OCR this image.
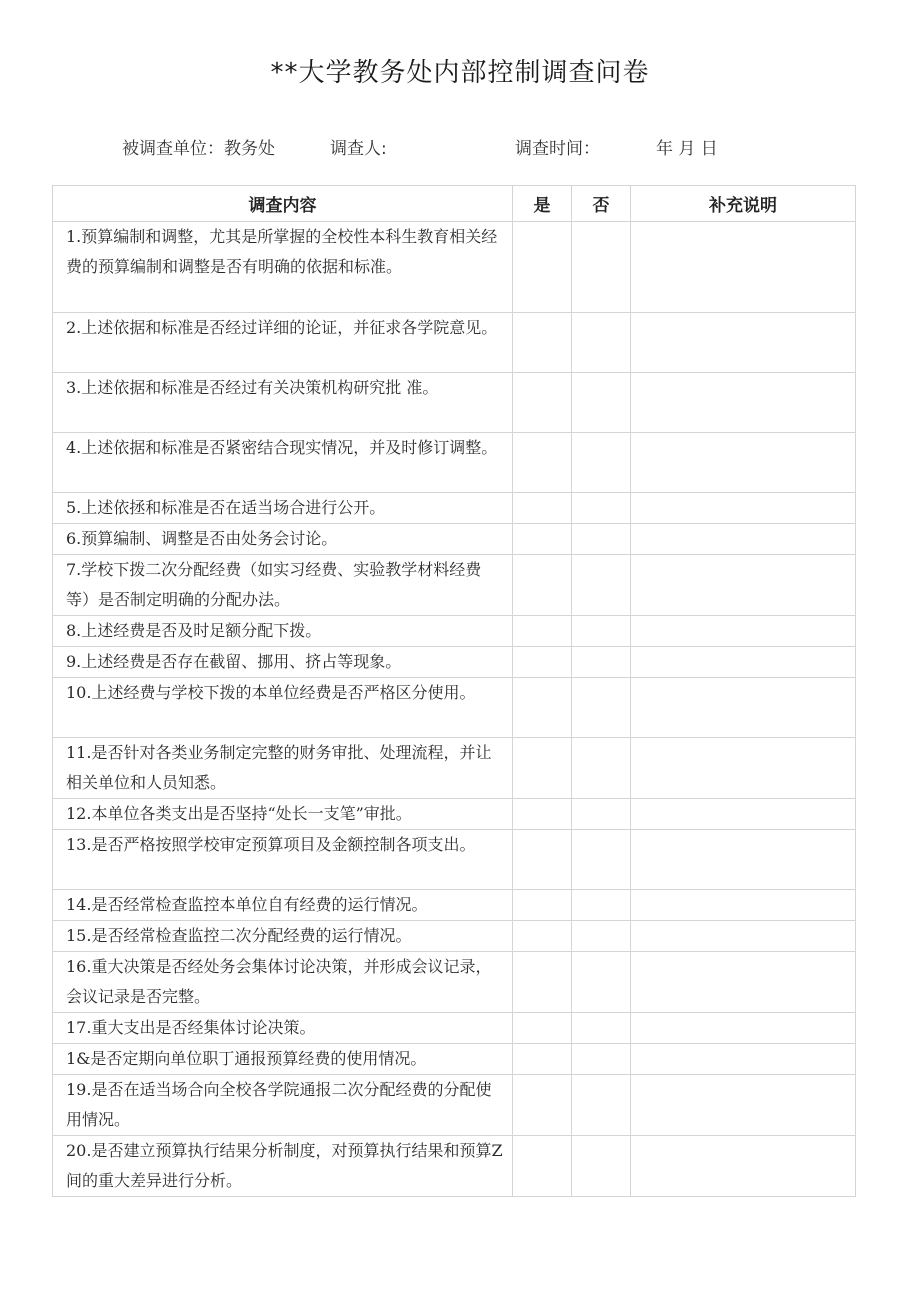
**大学教务处内部控制调查问卷
被调查单位：教务处	调查人:	调查时间：	年 月 日
调查内容	是	否	补充说明
1.预算编制和调整，尤其是所掌握的全校性本科生教育相关经费的预算编制和调整是否有明确的依据和标准。			
2.上述依据和标准是否经过详细的论证，并征求各学院意见。			
3.上述依据和标准是否经过有关决策机构研究批 准。			
4.上述依据和标准是否紧密结合现实情况，并及时修订调整。			
5.上述依拯和标准是否在适当场合进行公开。			
6.预算编制、调整是否由处务会讨论。			
7.学校下拨二次分配经费（如实习经费、实验教学材料经费等）是否制定明确的分配办法。			
8.上述经费是否及时足额分配下拨。			
9.上述经费是否存在截留、挪用、挤占等现象。			
10.上述经费与学校下拨的本单位经费是否严格区分使用。			
11.是否针对各类业务制定完整的财务审批、处理流程，并让相关单位和人员知悉。			
12.本单位各类支出是否坚持“处长一支笔”审批。			
13.是否严格按照学校审定预算项目及金额控制各项支出。			
14.是否经常检查监控本单位自有经费的运行情况。			
15.是否经常检查监控二次分配经费的运行情况。			
16.重大决策是否经处务会集体讨论决策，并形成会议记录，会议记录是否完整。			
17.重大支出是否经集体讨论决策。			
1&是否定期向单位职丁通报预算经费的使用情况。			
19.是否在适当场合向全校各学院通报二次分配经费的分配使用情况。			
20.是否建立预算执行结果分析制度，对预算执行结果和预算Z间的重大差异进行分析。			
